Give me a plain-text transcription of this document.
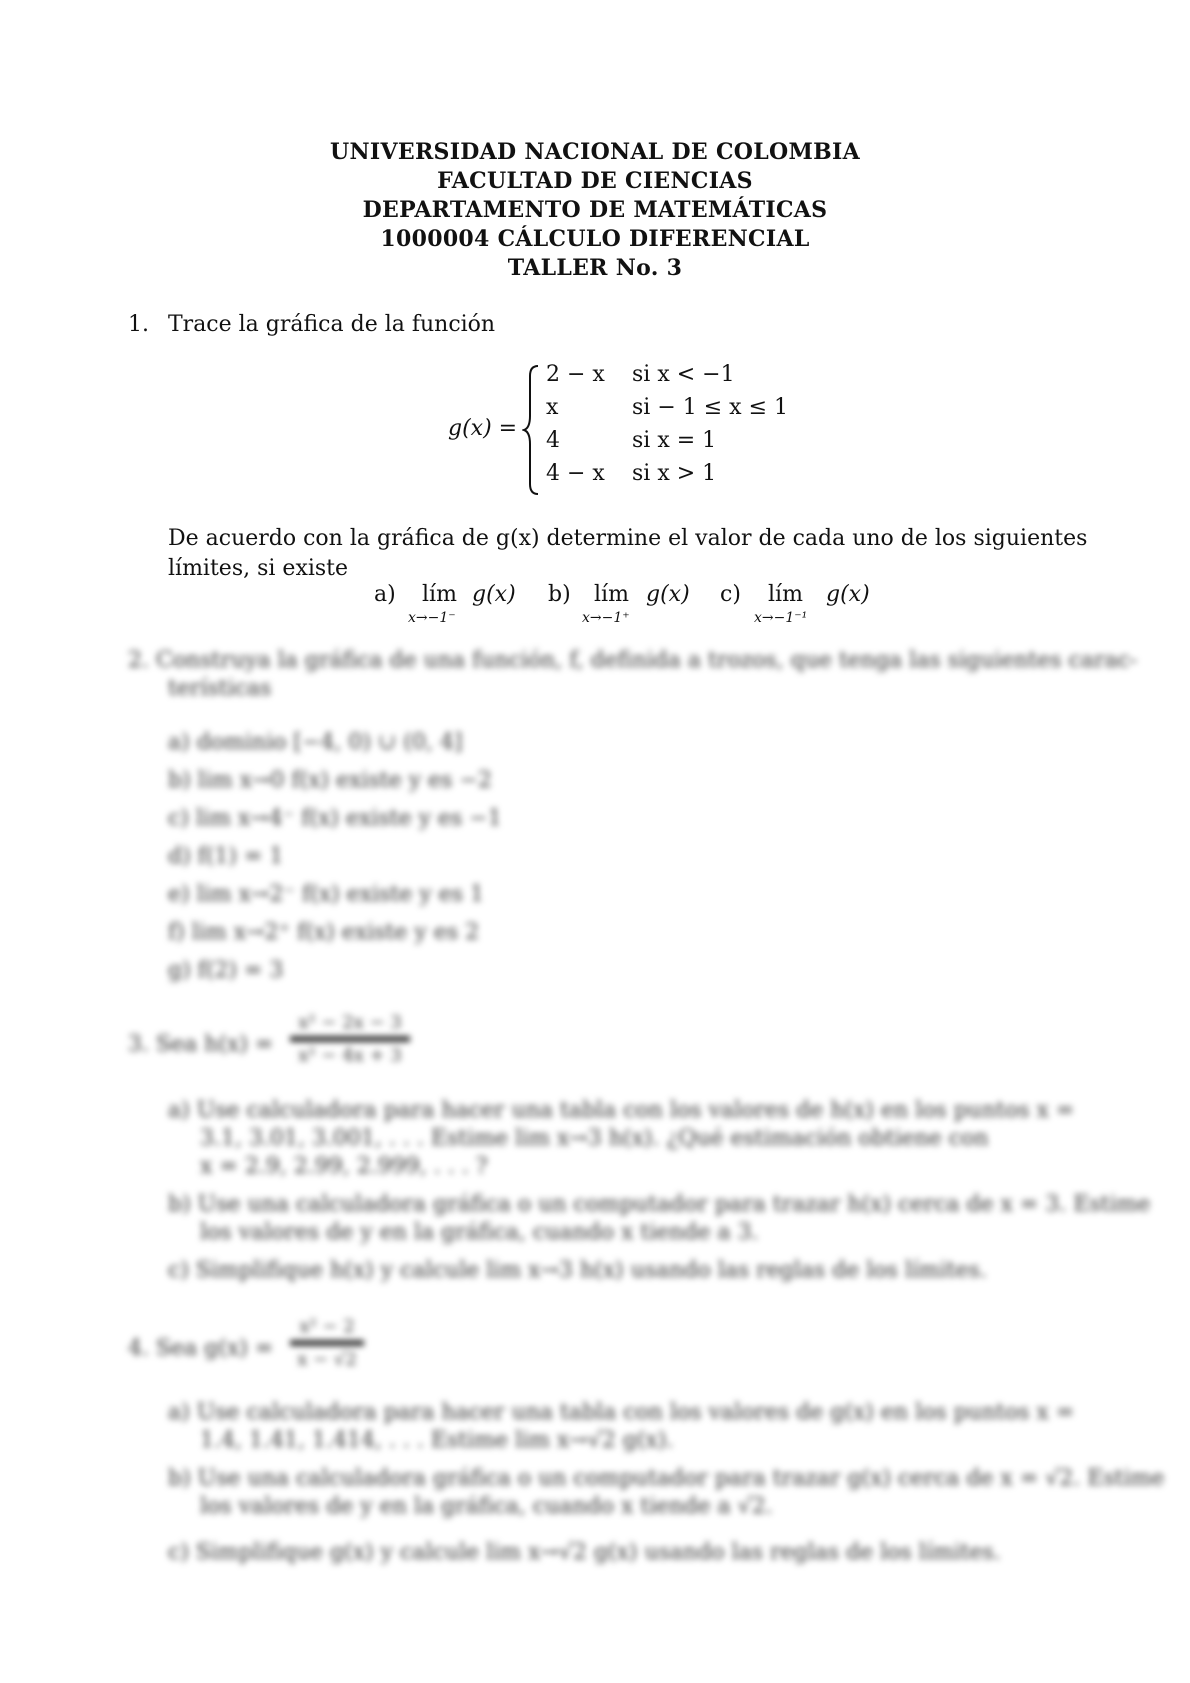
UNIVERSIDAD NACIONAL DE COLOMBIA
FACULTAD DE CIENCIAS
DEPARTAMENTO DE MATEMÁTICAS
1000004 CÁLCULO DIFERENCIAL
TALLER No. 3
1. Trace la gráfica de la función
g(x) =
2 − x	si x < −1
x	si − 1 ≤ x ≤ 1
4	si x = 1
4 − x	si x > 1
De acuerdo con la gráfica de g(x) determine el valor de cada uno de los siguientes límites, si existe
a) lím
x→−1⁻
g(x) b) lím
x→−1⁺
g(x) c) lím
x→−1⁻¹
g(x)
2. Construya la gráfica de una función, f, definida a trozos, que tenga las siguientes carac-
terísticas
a) dominio [−4, 0) ∪ (0, 4]
b) lim x→0 f(x) existe y es −2
c) lim x→4⁻ f(x) existe y es −1
d) f(1) = 1
e) lim x→2⁻ f(x) existe y es 1
f) lim x→2⁺ f(x) existe y es 2
g) f(2) = 3
3. Sea h(x) =
x² − 2x − 3
x² − 4x + 3
a) Use calculadora para hacer una tabla con los valores de h(x) en los puntos x =
3.1, 3.01, 3.001, . . . Estime lim x→3 h(x). ¿Qué estimación obtiene con
x = 2.9, 2.99, 2.999, . . . ?
b) Use una calculadora gráfica o un computador para trazar h(x) cerca de x = 3. Estime
los valores de y en la gráfica, cuando x tiende a 3.
c) Simplifique h(x) y calcule lim x→3 h(x) usando las reglas de los límites.
4. Sea g(x) =
x² − 2
x − √2
a) Use calculadora para hacer una tabla con los valores de g(x) en los puntos x =
1.4, 1.41, 1.414, . . . Estime lim x→√2 g(x).
b) Use una calculadora gráfica o un computador para trazar g(x) cerca de x = √2. Estime
los valores de y en la gráfica, cuando x tiende a √2.
c) Simplifique g(x) y calcule lim x→√2 g(x) usando las reglas de los límites.
